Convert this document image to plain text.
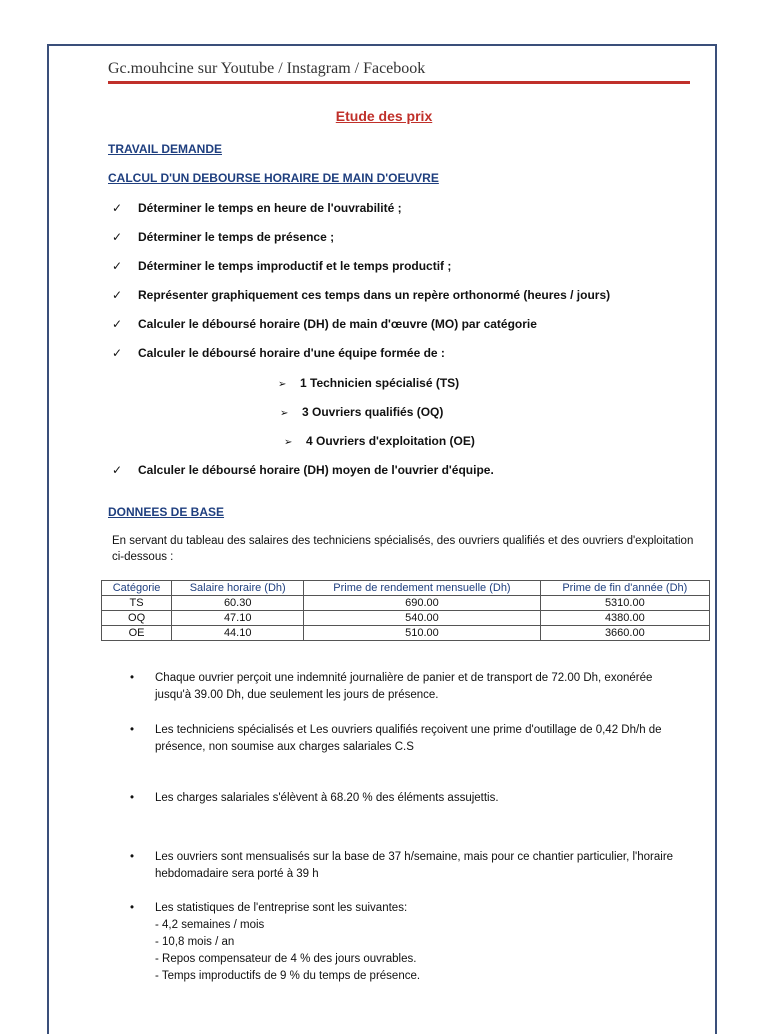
Gc.mouhcine sur Youtube / Instagram / Facebook
Etude des prix
TRAVAIL DEMANDE
CALCUL D'UN DEBOURSE HORAIRE DE MAIN D'OEUVRE
✓ Déterminer le temps en heure de l'ouvrabilité ;
✓ Déterminer le temps de présence ;
✓ Déterminer le temps improductif et le temps productif ;
✓ Représenter graphiquement ces temps dans un repère orthonormé (heures / jours)
✓ Calculer le déboursé horaire (DH) de main d'œuvre (MO) par catégorie
✓ Calculer le déboursé horaire d'une équipe formée de :
➢ 1 Technicien spécialisé (TS)
➢ 3 Ouvriers qualifiés (OQ)
➢ 4 Ouvriers d'exploitation (OE)
✓ Calculer le déboursé horaire (DH) moyen de l'ouvrier d'équipe.
DONNEES DE BASE
En servant du tableau des salaires des techniciens spécialisés, des ouvriers qualifiés et des ouvriers d'exploitation ci-dessous :
Catégorie	Salaire horaire (Dh)	Prime de rendement mensuelle (Dh)	Prime de fin d'année (Dh)
TS	60.30	690.00	5310.00
OQ	47.10	540.00	4380.00
OE	44.10	510.00	3660.00
•	Chaque ouvrier perçoit une indemnité journalière de panier et de transport de 72.00 Dh, exonérée jusqu'à 39.00 Dh, due seulement les jours de présence.
•	Les techniciens spécialisés et Les ouvriers qualifiés reçoivent une prime d'outillage de 0,42 Dh/h de présence, non soumise aux charges salariales C.S
•	Les charges salariales s'élèvent à 68.20 % des éléments assujettis.
•	Les ouvriers sont mensualisés sur la base de 37 h/semaine, mais pour ce chantier particulier, l'horaire hebdomadaire sera porté à 39 h
•	Les statistiques de l'entreprise sont les suivantes:
- 4,2 semaines / mois
- 10,8 mois / an
- Repos compensateur de 4 % des jours ouvrables.
- Temps improductifs de 9 % du temps de présence.
